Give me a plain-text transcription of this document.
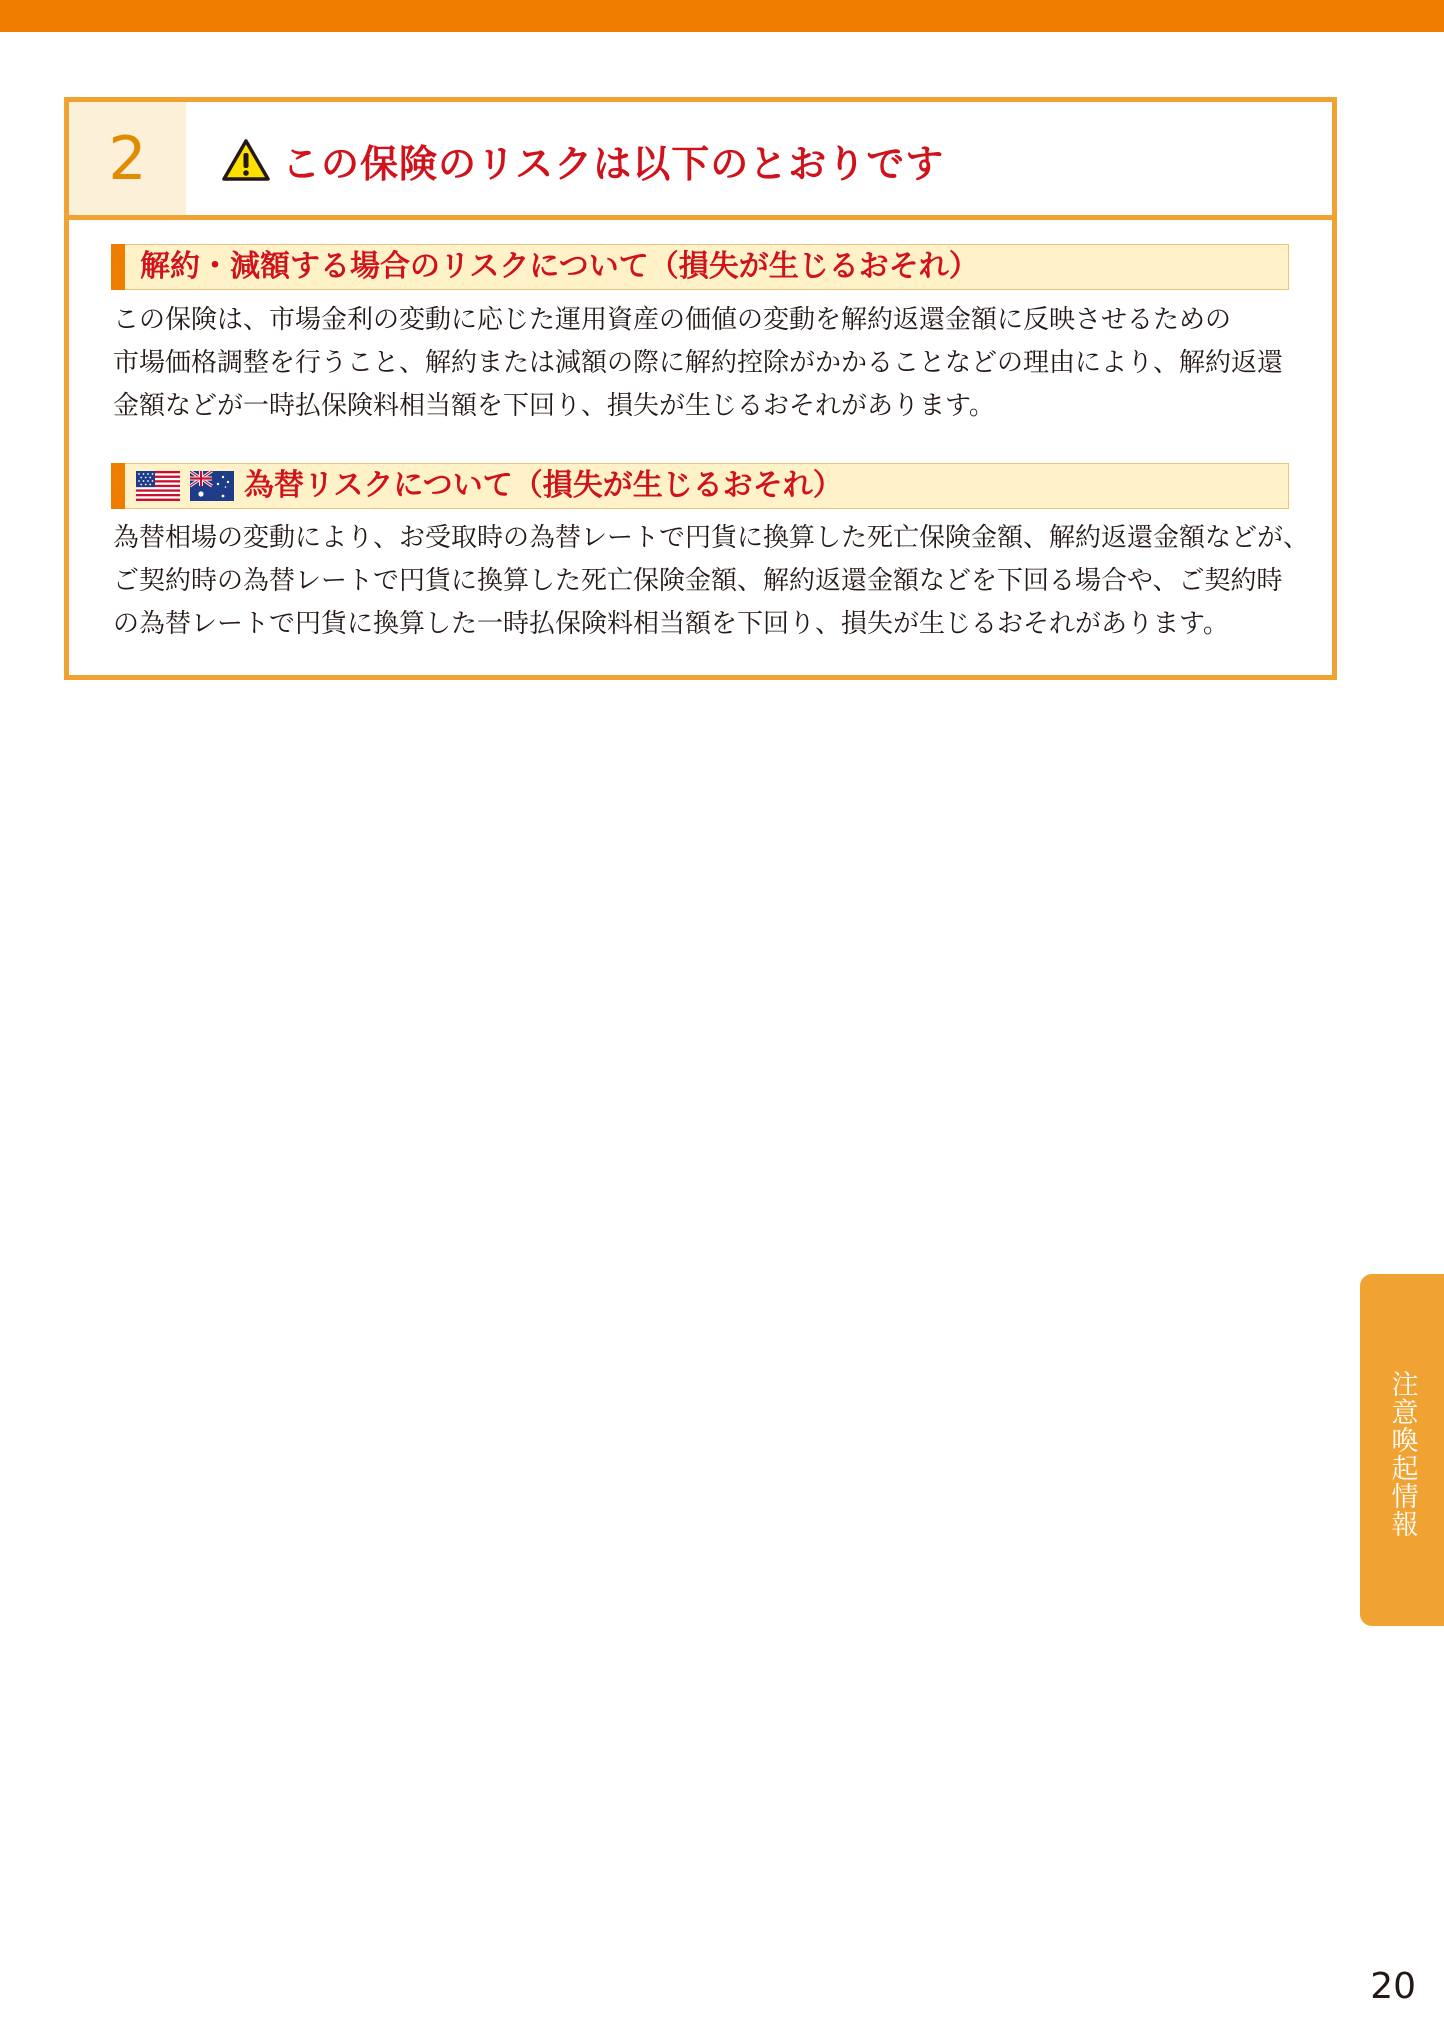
2	この保険のリスクは以下のとおりです
解約・減額する場合のリスクについて（損失が生じるおそれ）
この保険は、市場金利の変動に応じた運用資産の価値の変動を解約返還金額に反映させるための
市場価格調整を行うこと、解約または減額の際に解約控除がかかることなどの理由により、解約返還
金額などが一時払保険料相当額を下回り、損失が生じるおそれがあります。
為替リスクについて（損失が生じるおそれ）
為替相場の変動により、お受取時の為替レートで円貨に換算した死亡保険金額、解約返還金額などが、
ご契約時の為替レートで円貨に換算した死亡保険金額、解約返還金額などを下回る場合や、ご契約時
の為替レートで円貨に換算した一時払保険料相当額を下回り、損失が生じるおそれがあります。
注意喚起情報
20
